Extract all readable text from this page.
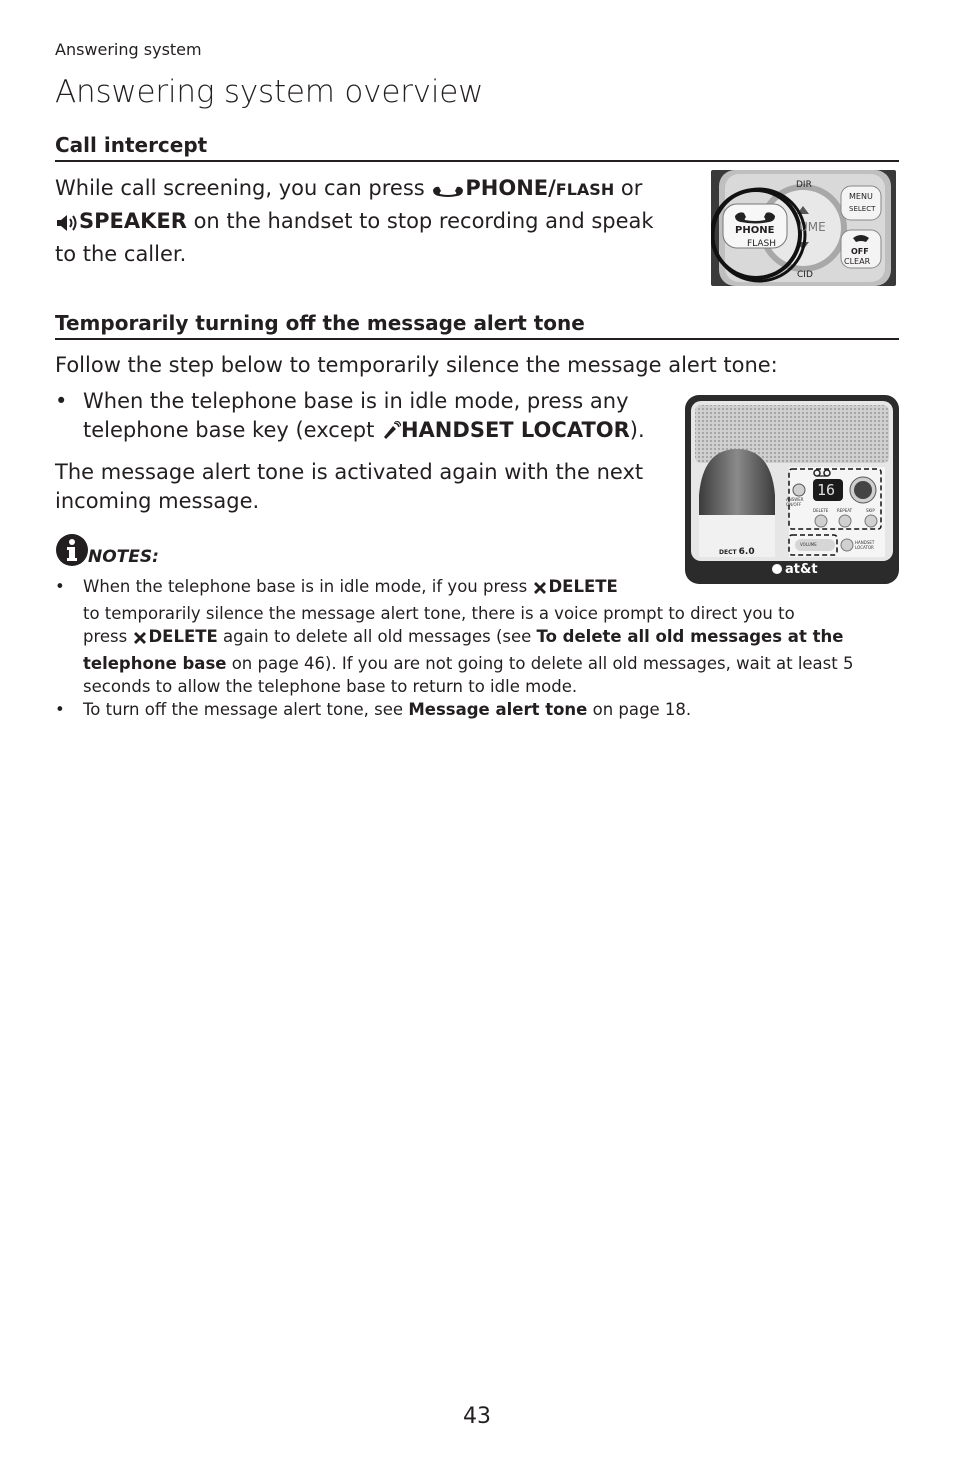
Answering system
Answering system overview
Call intercept
While call screening, you can press PHONE/FLASH or
SPEAKER on the handset to stop recording and speak
to the caller.
DIR
CID
MENU
SELECT
PHONE
FLASH
OFF
CLEAR
UME
Temporarily turning off the message alert tone
Follow the step below to temporarily silence the message alert tone:
• When the telephone base is in idle mode, press any
telephone base key (except HANDSET LOCATOR).
The message alert tone is activated again with the next
incoming message.	16
ANSWER ON/OFF
DELETE REPEAT	SKIP
VOLUME	HANDSET LOCATOR
DECT 6.0
at&t
NOTES:
• When the telephone base is in idle mode, if you press DELETE
to temporarily silence the message alert tone, there is a voice prompt to direct you to
press DELETE again to delete all old messages (see To delete all old messages at the
telephone base on page 46). If you are not going to delete all old messages, wait at least 5
seconds to allow the telephone base to return to idle mode.
• To turn off the message alert tone, see Message alert tone on page 18.
43
